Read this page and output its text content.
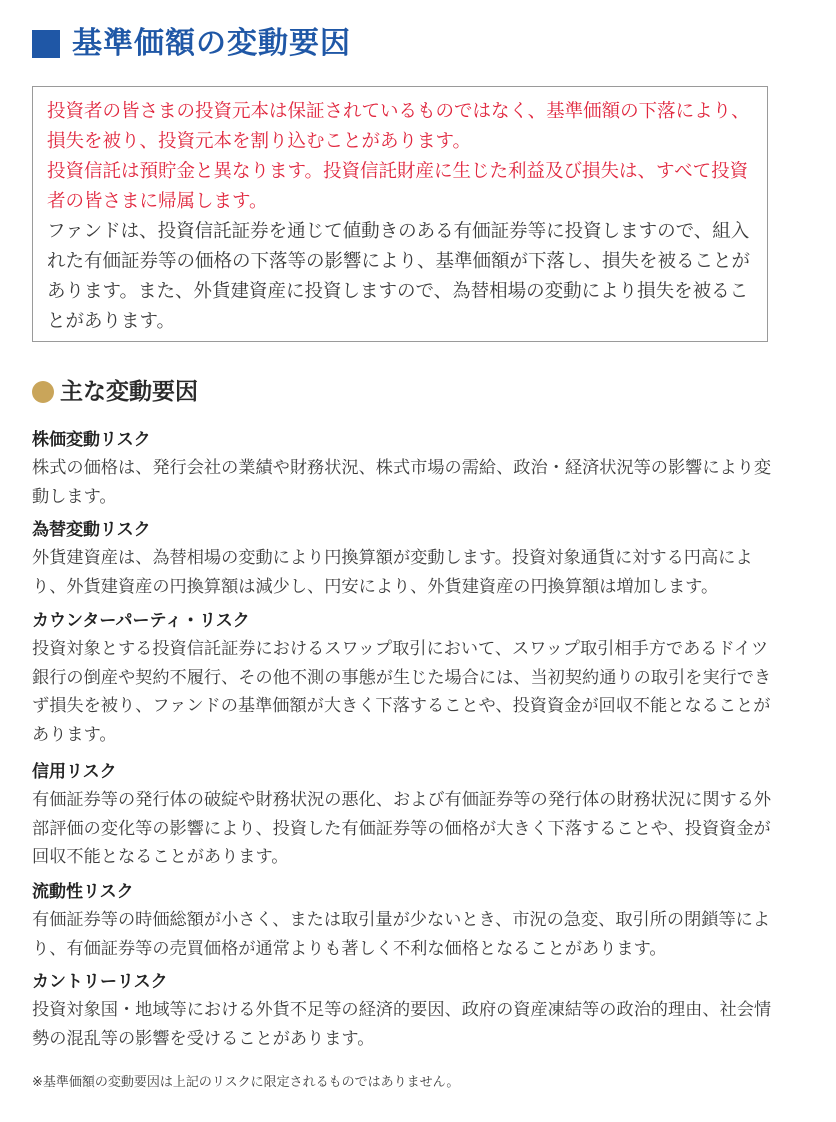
基準価額の変動要因

投資者の皆さまの投資元本は保証されているものではなく、基準価額の下落により、損失を被り、投資元本を割り込むことがあります。

投資信託は預貯金と異なります。投資信託財産に生じた利益及び損失は、すべて投資者の皆さまに帰属します。

ファンドは、投資信託証券を通じて値動きのある有価証券等に投資しますので、組入れた有価証券等の価格の下落等の影響により、基準価額が下落し、損失を被ることがあります。また、外貨建資産に投資しますので、為替相場の変動により損失を被ることがあります。

主な変動要因
株価変動リスク

株式の価格は、発行会社の業績や財務状況、株式市場の需給、政治・経済状況等の影響により変動します。

為替変動リスク

外貨建資産は、為替相場の変動により円換算額が変動します。投資対象通貨に対する円高により、外貨建資産の円換算額は減少し、円安により、外貨建資産の円換算額は増加します。

カウンターパーティ・リスク

投資対象とする投資信託証券におけるスワップ取引において、スワップ取引相手方であるドイツ銀行の倒産や契約不履行、その他不測の事態が生じた場合には、当初契約通りの取引を実行できず損失を被り、ファンドの基準価額が大きく下落することや、投資資金が回収不能となることがあります。

信用リスク

有価証券等の発行体の破綻や財務状況の悪化、および有価証券等の発行体の財務状況に関する外部評価の変化等の影響により、投資した有価証券等の価格が大きく下落することや、投資資金が回収不能となることがあります。

流動性リスク

有価証券等の時価総額が小さく、または取引量が少ないとき、市況の急変、取引所の閉鎖等により、有価証券等の売買価格が通常よりも著しく不利な価格となることがあります。

カントリーリスク

投資対象国・地域等における外貨不足等の経済的要因、政府の資産凍結等の政治的理由、社会情勢の混乱等の影響を受けることがあります。

※基準価額の変動要因は上記のリスクに限定されるものではありません。
